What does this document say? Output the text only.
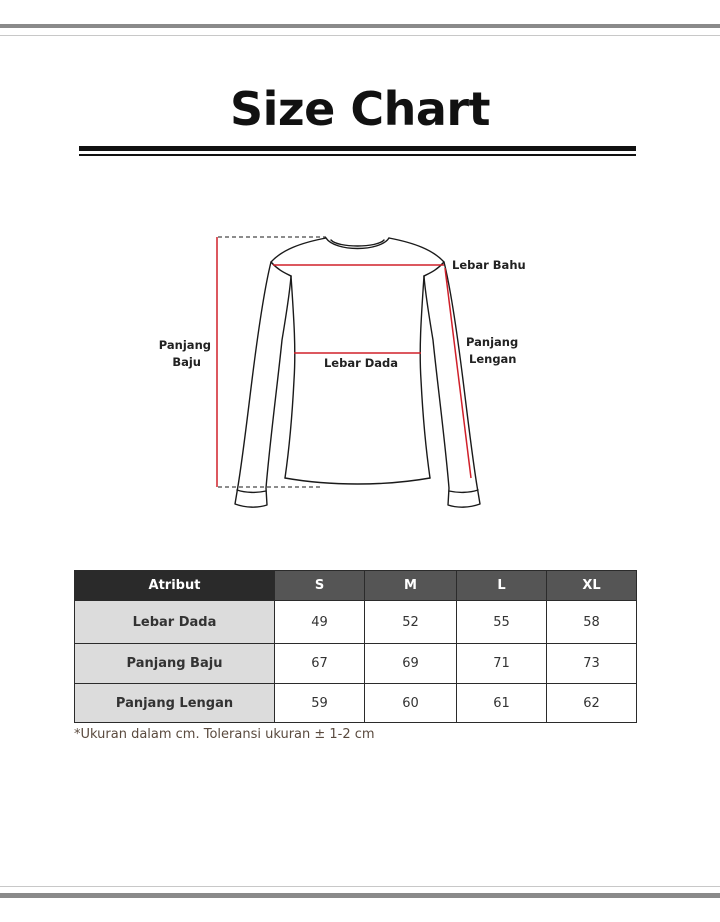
Size Chart
Lebar Bahu
Panjang
Baju	Lebar Dada
Panjang
Lengan
Atribut	S	M	L	XL
Lebar Dada	49	52	55	58
Panjang Baju	67	69	71	73
Panjang Lengan	59	60	61	62
*Ukuran dalam cm. Toleransi ukuran ± 1-2 cm
